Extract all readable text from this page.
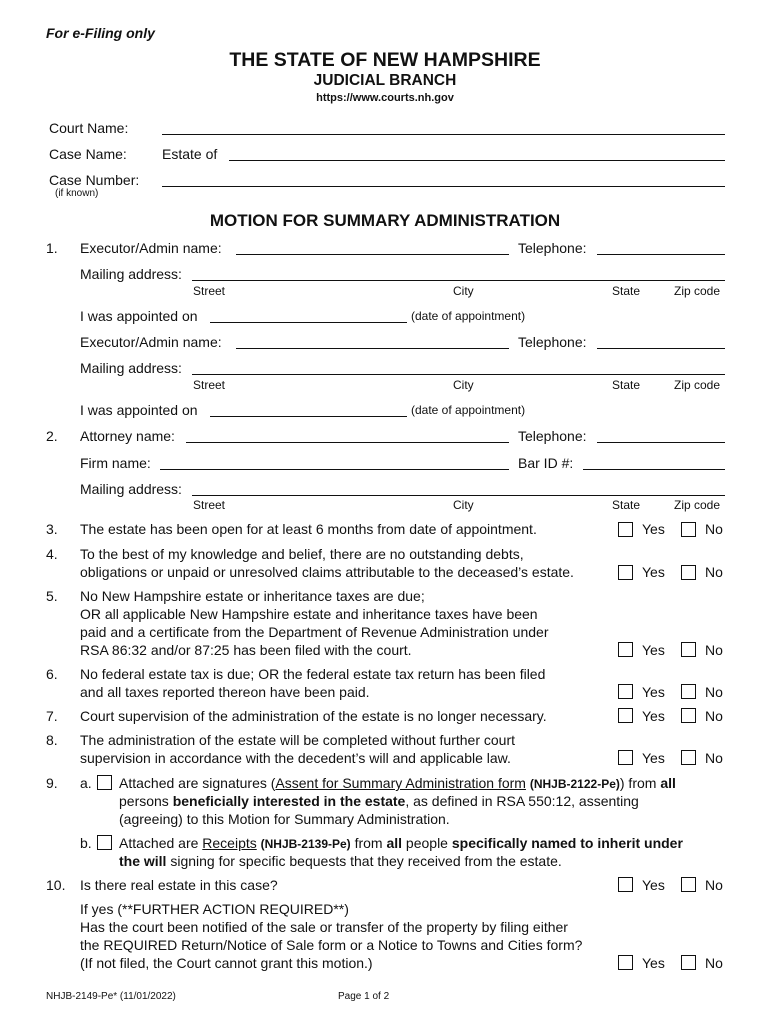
For e-Filing only
THE STATE OF NEW HAMPSHIRE
JUDICIAL BRANCH
https://www.courts.nh.gov
Court Name:
Case Name:	Estate of
Case Number:
(if known)
MOTION FOR SUMMARY ADMINISTRATION
1. Executor/Admin name:	Telephone:
Mailing address:
Street	City	State	Zip code
I was appointed on	(date of appointment)
Executor/Admin name:	Telephone:
Mailing address:
Street	City	State	Zip code
I was appointed on	(date of appointment)
2. Attorney name:	Telephone:
Firm name:	Bar ID #:
Mailing address:
Street	City	State	Zip code
3. The estate has been open for at least 6 months from date of appointment.	Yes	No
4. To the best of my knowledge and belief, there are no outstanding debts,
obligations or unpaid or unresolved claims attributable to the deceased’s estate.	Yes	No
5. No New Hampshire estate or inheritance taxes are due;
OR all applicable New Hampshire estate and inheritance taxes have been
paid and a certificate from the Department of Revenue Administration under
RSA 86:32 and/or 87:25 has been filed with the court.	Yes	No
6. No federal estate tax is due; OR the federal estate tax return has been filed
and all taxes reported thereon have been paid.	Yes	No
7. Court supervision of the administration of the estate is no longer necessary.	Yes	No
8. The administration of the estate will be completed without further court
supervision in accordance with the decedent’s will and applicable law.	Yes	No
9. a. Attached are signatures (Assent for Summary Administration form (NHJB-2122-Pe)) from all
persons beneficially interested in the estate, as defined in RSA 550:12, assenting
(agreeing) to this Motion for Summary Administration.
b. Attached are Receipts (NHJB-2139-Pe) from all people specifically named to inherit under
the will signing for specific bequests that they received from the estate.
10. Is there real estate in this case?	Yes	No
If yes (**FURTHER ACTION REQUIRED**)
Has the court been notified of the sale or transfer of the property by filing either
the REQUIRED Return/Notice of Sale form or a Notice to Towns and Cities form?
(If not filed, the Court cannot grant this motion.)	Yes	No
NHJB-2149-Pe* (11/01/2022)	Page 1 of 2
